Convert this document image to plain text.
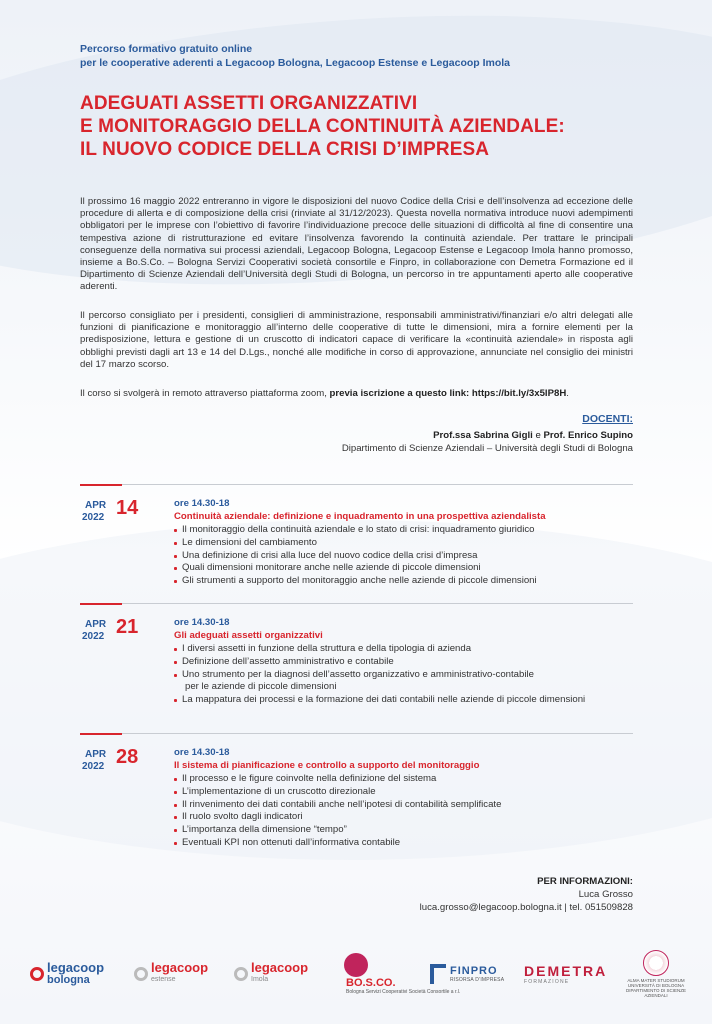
Percorso formativo gratuito online
per le cooperative aderenti a Legacoop Bologna, Legacoop Estense e Legacoop Imola
ADEGUATI ASSETTI ORGANIZZATIVI
E MONITORAGGIO DELLA CONTINUITÀ AZIENDALE:
IL NUOVO CODICE DELLA CRISI D’IMPRESA

Il prossimo 16 maggio 2022 entreranno in vigore le disposizioni del nuovo Codice della Crisi e dell’insolvenza ad eccezione delle procedure di allerta e di composizione della crisi (rinviate al 31/12/2023). Questa novella normativa introduce nuovi adempimenti obbligatori per le imprese con l’obiettivo di favorire l’individuazione precoce delle situazioni di difficoltà al fine di consentire una tempestiva azione di ristrutturazione ed evitare l’insolvenza favorendo la continuità aziendale. Per trattare le principali conseguenze della normativa sui processi aziendali, Legacoop Bologna, Legacoop Estense e Legacoop Imola hanno promosso, insieme a Bo.S.Co. – Bologna Servizi Cooperativi società consortile e Finpro, in collaborazione con Demetra Formazione ed il Dipartimento di Scienze Aziendali dell’Università degli Studi di Bologna, un percorso in tre appuntamenti aperto alle cooperative aderenti.

Il percorso consigliato per i presidenti, consiglieri di amministrazione, responsabili amministrativi/finanziari e/o altri delegati alle funzioni di pianificazione e monitoraggio all’interno delle cooperative di tutte le dimensioni, mira a fornire elementi per la predisposizione, lettura e gestione di un cruscotto di indicatori capace di verificare la «continuità aziendale» in risposta agli obblighi previsti dagli art 13 e 14 del D.Lgs., nonché alle modifiche in corso di approvazione, annunciate nel consiglio dei ministri del 17 marzo scorso.

Il corso si svolgerà in remoto attraverso piattaforma zoom, previa iscrizione a questo link: https://bit.ly/3x5lP8H.

DOCENTI:
Prof.ssa Sabrina Gigli e Prof. Enrico Supino
Dipartimento di Scienze Aziendali – Università degli Studi di Bologna
APR
2022 14	ore 14.30-18
Continuità aziendale: definizione e inquadramento in una prospettiva aziendalista
Il monitoraggio della continuità aziendale e lo stato di crisi: inquadramento giuridico
Le dimensioni del cambiamento
Una definizione di crisi alla luce del nuovo codice della crisi d’impresa
Quali dimensioni monitorare anche nelle aziende di piccole dimensioni
Gli strumenti a supporto del monitoraggio anche nelle aziende di piccole dimensioni
APR
2022 21	ore 14.30-18
Gli adeguati assetti organizzativi
I diversi assetti in funzione della struttura e della tipologia di azienda
Definizione dell’assetto amministrativo e contabile
Uno strumento per la diagnosi dell’assetto organizzativo e amministrativo-contabile
per le aziende di piccole dimensioni
La mappatura dei processi e la formazione dei dati contabili nelle aziende di piccole dimensioni
APR
2022 28	ore 14.30-18
Il sistema di pianificazione e controllo a supporto del monitoraggio
Il processo e le figure coinvolte nella definizione del sistema
L’implementazione di un cruscotto direzionale
Il rinvenimento dei dati contabili anche nell’ipotesi di contabilità semplificate
Il ruolo svolto dagli indicatori
L’importanza della dimensione “tempo”
Eventuali KPI non ottenuti dall’informativa contabile
PER INFORMAZIONI:
Luca Grosso
luca.grosso@legacoop.bologna.it | tel. 051509828
legacoop
bologna
legacoop
estense
legacoop
Imola	BO.S.CO.
Bologna Servizi Cooperativi Società Consortile a r.l.
FINPRO
RISORSA D’IMPRESA
DEMETRA
FORMAZIONE	ALMA MATER STUDIORUM UNIVERSITÀ DI BOLOGNA DIPARTIMENTO DI SCIENZE AZIENDALI
